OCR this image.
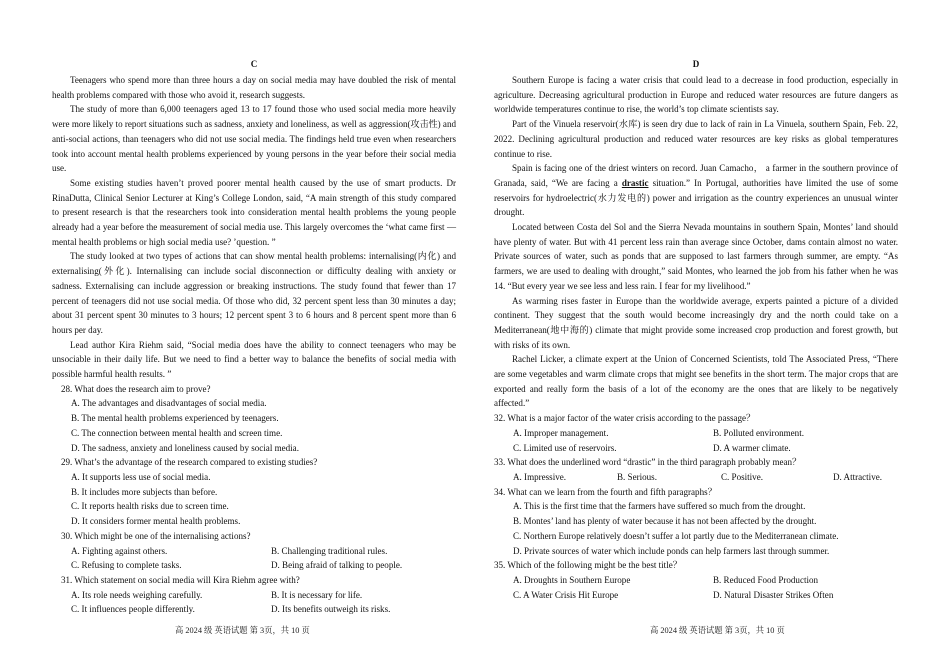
C

Teenagers who spend more than three hours a day on social media may have doubled the risk of mental health problems compared with those who avoid it, research suggests.

The study of more than 6,000 teenagers aged 13 to 17 found those who used social media more heavily were more likely to report situations such as sadness, anxiety and loneliness, as well as aggression(攻击性) and anti-social actions, than teenagers who did not use social media. The findings held true even when researchers took into account mental health problems experienced by young persons in the year before their social media use.

Some existing studies haven’t proved poorer mental health caused by the use of smart products. Dr RinaDutta, Clinical Senior Lecturer at King’s College London, said, “A main strength of this study compared to present research is that the researchers took into consideration mental health problems the young people already had a year before the measurement of social media use. This largely overcomes the ‘what came first — mental health problems or high social media use? ’question. ”

The study looked at two types of actions that can show mental health problems: internalising(内化) and externalising(外化). Internalising can include social disconnection or difficulty dealing with anxiety or sadness. Externalising can include aggression or breaking instructions. The study found that fewer than 17 percent of teenagers did not use social media. Of those who did, 32 percent spent less than 30 minutes a day; about 31 percent spent 30 minutes to 3 hours; 12 percent spent 3 to 6 hours and 8 percent spent more than 6 hours per day.

Lead author Kira Riehm said, “Social media does have the ability to connect teenagers who may be unsociable in their daily life. But we need to find a better way to balance the benefits of social media with possible harmful health results. ”

28. What does the research aim to prove?

A. The advantages and disadvantages of social media.

B. The mental health problems experienced by teenagers.

C. The connection between mental health and screen time.

D. The sadness, anxiety and loneliness caused by social media.

29. What’s the advantage of the research compared to existing studies?

A. It supports less use of social media.

B. It includes more subjects than before.

C. It reports health risks due to screen time.

D. It considers former mental health problems.

30. Which might be one of the internalising actions?

A. Fighting against others.	B. Challenging traditional rules.
C. Refusing to complete tasks.	D. Being afraid of talking to people.

31. Which statement on social media will Kira Riehm agree with?

A. Its role needs weighing carefully.	B. It is necessary for life.
C. It influences people differently.	D. Its benefits outweigh its risks.
D

Southern Europe is facing a water crisis that could lead to a decrease in food production, especially in agriculture. Decreasing agricultural production in Europe and reduced water resources are future dangers as worldwide temperatures continue to rise, the world’s top climate scientists say.

Part of the Vinuela reservoir(水库) is seen dry due to lack of rain in La Vinuela, southern Spain, Feb. 22, 2022. Declining agricultural production and reduced water resources are key risks as global temperatures continue to rise.

Spain is facing one of the driest winters on record. Juan Camacho， a farmer in the southern province of Granada, said, “We are facing a drastic situation.” In Portugal, authorities have limited the use of some reservoirs for hydroelectric(水力发电的) power and irrigation as the country experiences an unusual winter drought.

Located between Costa del Sol and the Sierra Nevada mountains in southern Spain, Montes’ land should have plenty of water. But with 41 percent less rain than average since October, dams contain almost no water. Private sources of water, such as ponds that are supposed to last farmers through summer, are empty. “As farmers, we are used to dealing with drought,” said Montes, who learned the job from his father when he was 14. “But every year we see less and less rain. I fear for my livelihood.”

As warming rises faster in Europe than the worldwide average, experts painted a picture of a divided continent. They suggest that the south would become increasingly dry and the north could take on a Mediterranean(地中海的) climate that might provide some increased crop production and forest growth, but with risks of its own.

Rachel Licker, a climate expert at the Union of Concerned Scientists, told The Associated Press, “There are some vegetables and warm climate crops that might see benefits in the short term. The major crops that are exported and really form the basis of a lot of the economy are the ones that are likely to be negatively affected.”

32. What is a major factor of the water crisis according to the passage？

A. Improper management.	B. Polluted environment.
C. Limited use of reservoirs.	D. A warmer climate.

33. What does the underlined word “drastic” in the third paragraph probably mean？

A. Impressive.	B. Serious.	C. Positive.	D. Attractive.

34. What can we learn from the fourth and fifth paragraphs？

A. This is the first time that the farmers have suffered so much from the drought.

B. Montes’ land has plenty of water because it has not been affected by the drought.

C. Northern Europe relatively doesn’t suffer a lot partly due to the Mediterranean climate.

D. Private sources of water which include ponds can help farmers last through summer.

35. Which of the following might be the best title？

A. Droughts in Southern Europe	B. Reduced Food Production
C. A Water Crisis Hit Europe	D. Natural Disaster Strikes Often
高 2024 级 英语试题 第 3页，共 10 页	高 2024 级 英语试题 第 3页，共 10 页
